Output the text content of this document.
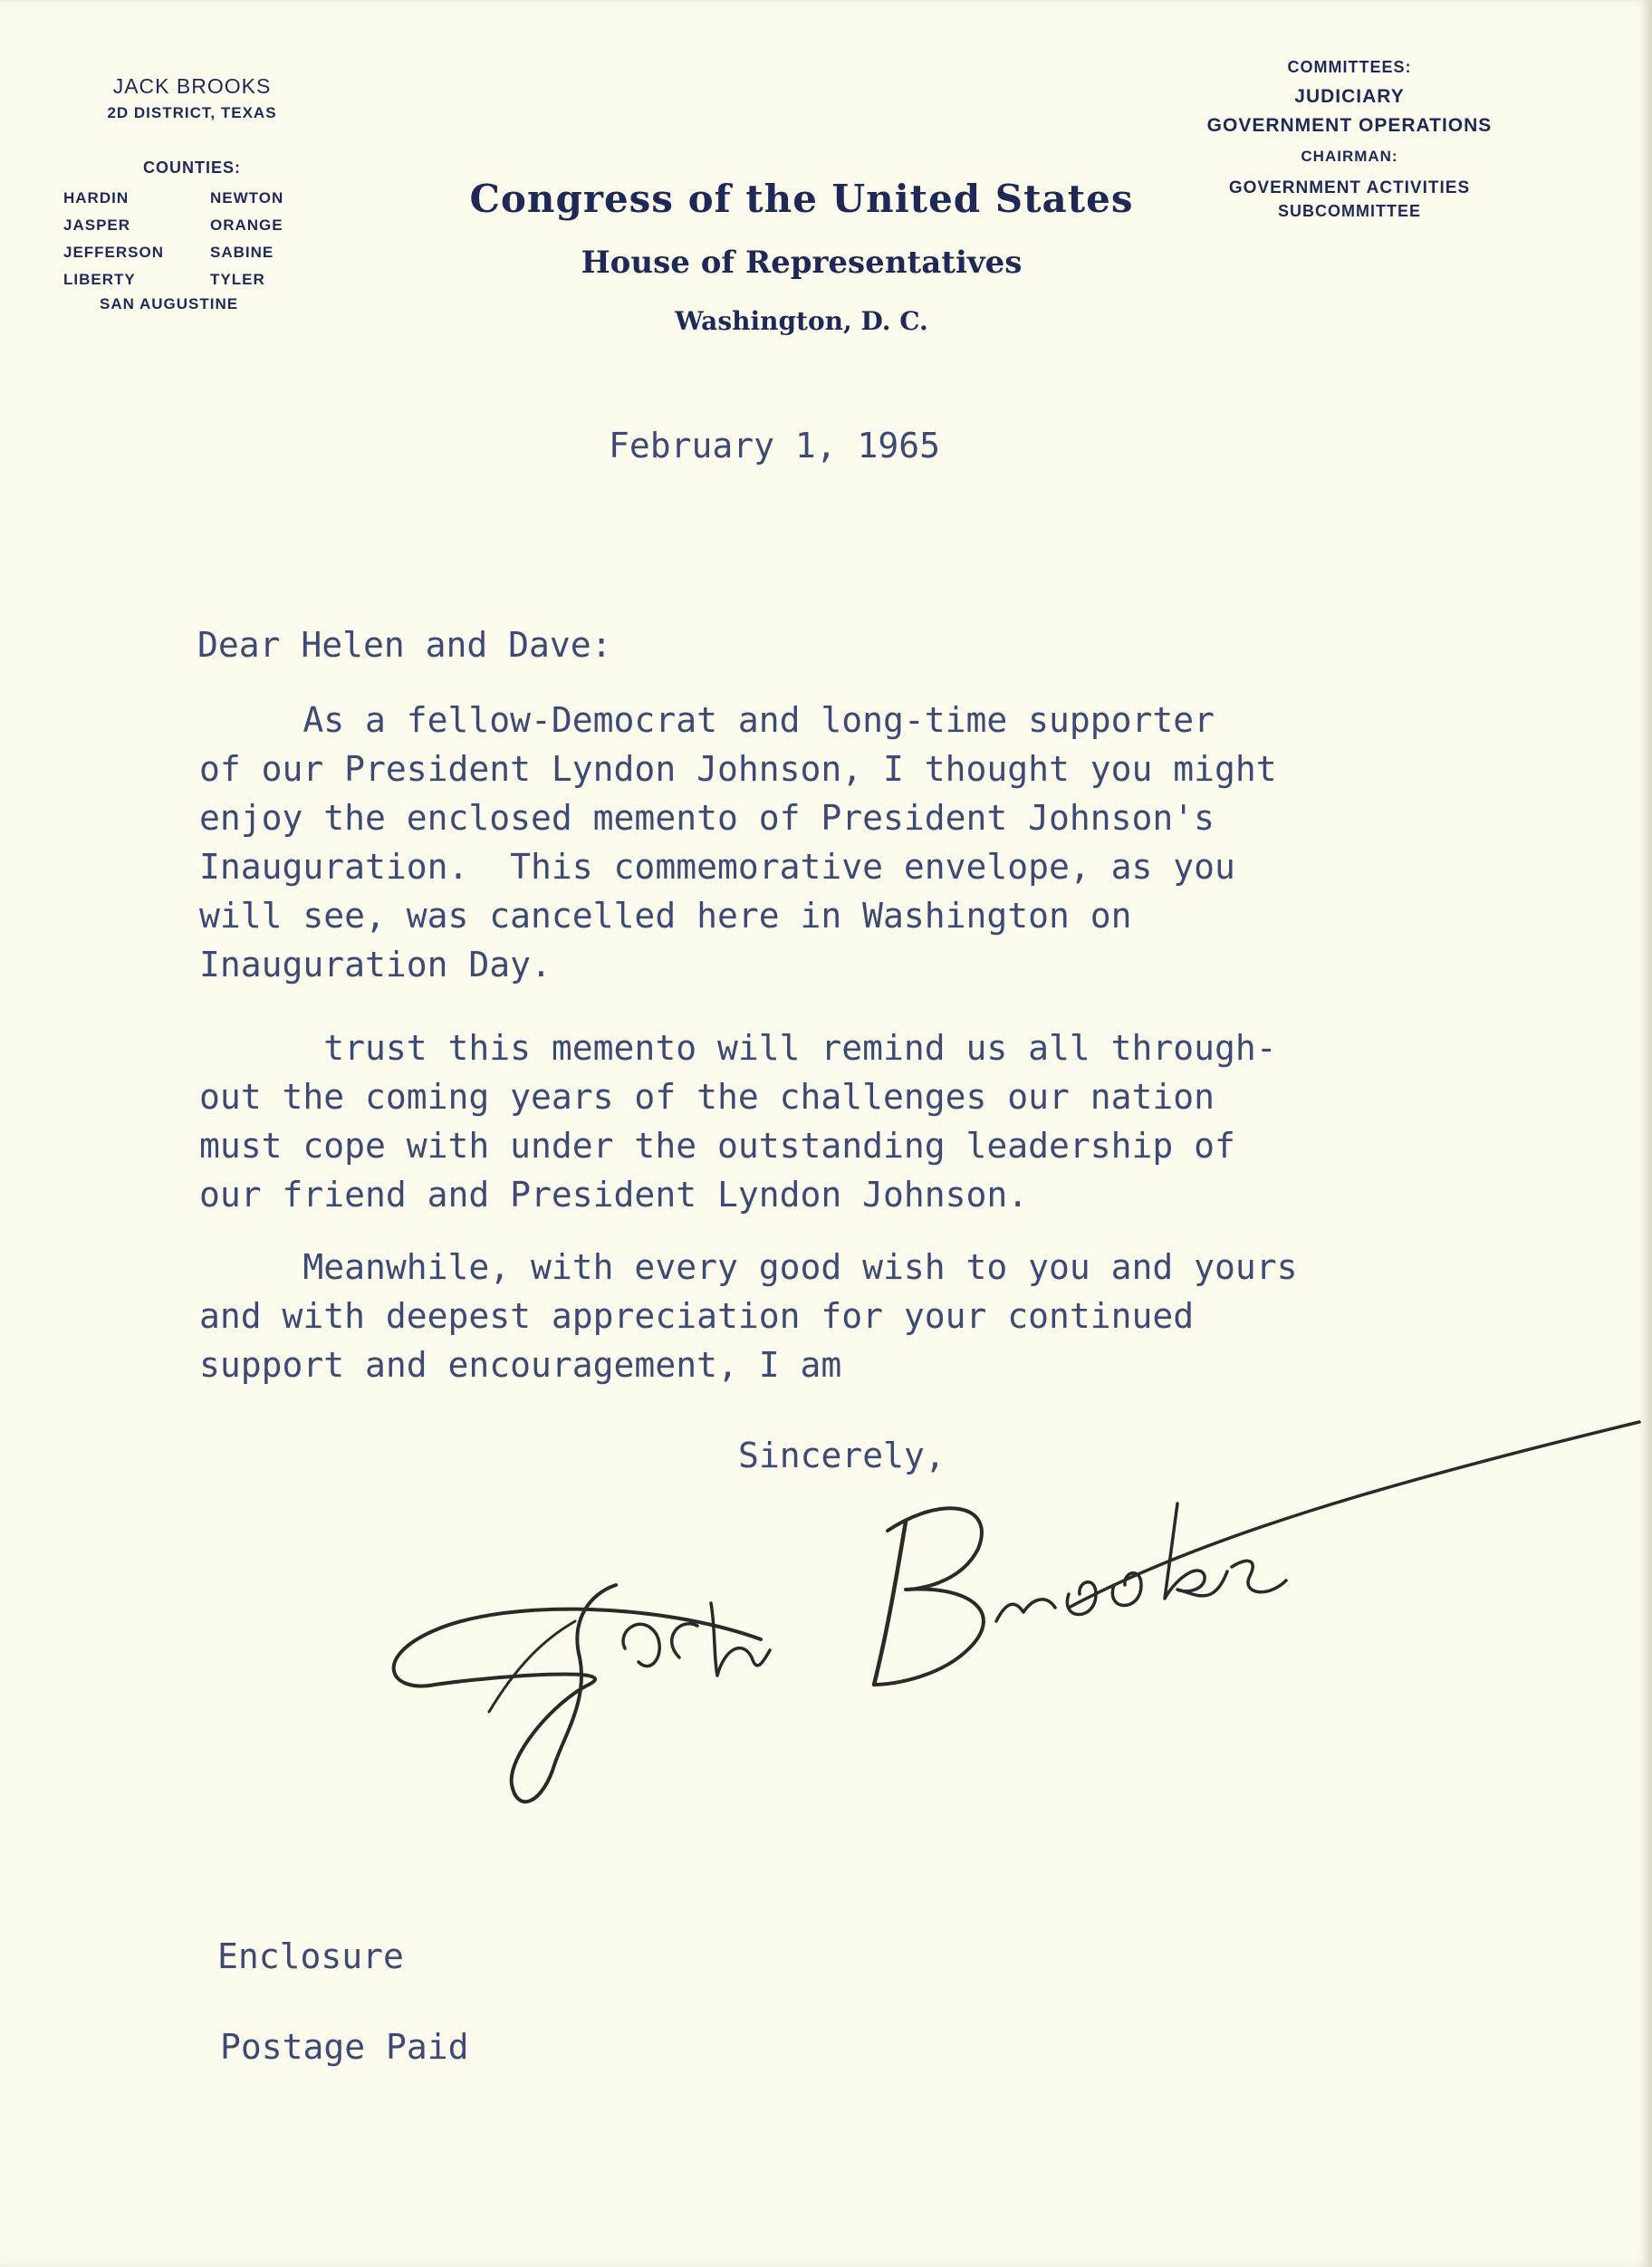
JACK BROOKS
2D DISTRICT, TEXAS
COUNTIES:
HARDIN
JASPER
JEFFERSON
LIBERTY
NEWTON
ORANGE
SABINE
TYLER
SAN AUGUSTINE
Congress of the United States
House of Representatives
Washington, D. C.
COMMITTEES:
JUDICIARY
GOVERNMENT OPERATIONS
CHAIRMAN:
GOVERNMENT ACTIVITIES
SUBCOMMITTEE
February 1, 1965
Dear Helen and Dave:
As a fellow-Democrat and long-time supporter
of our President Lyndon Johnson, I thought you might
enjoy the enclosed memento of President Johnson's
Inauguration.  This commemorative envelope, as you
will see, was cancelled here in Washington on
Inauguration Day.
trust this memento will remind us all through-
out the coming years of the challenges our nation
must cope with under the outstanding leadership of
our friend and President Lyndon Johnson.
Meanwhile, with every good wish to you and yours
and with deepest appreciation for your continued
support and encouragement, I am
Sincerely,
Enclosure
Postage Paid
